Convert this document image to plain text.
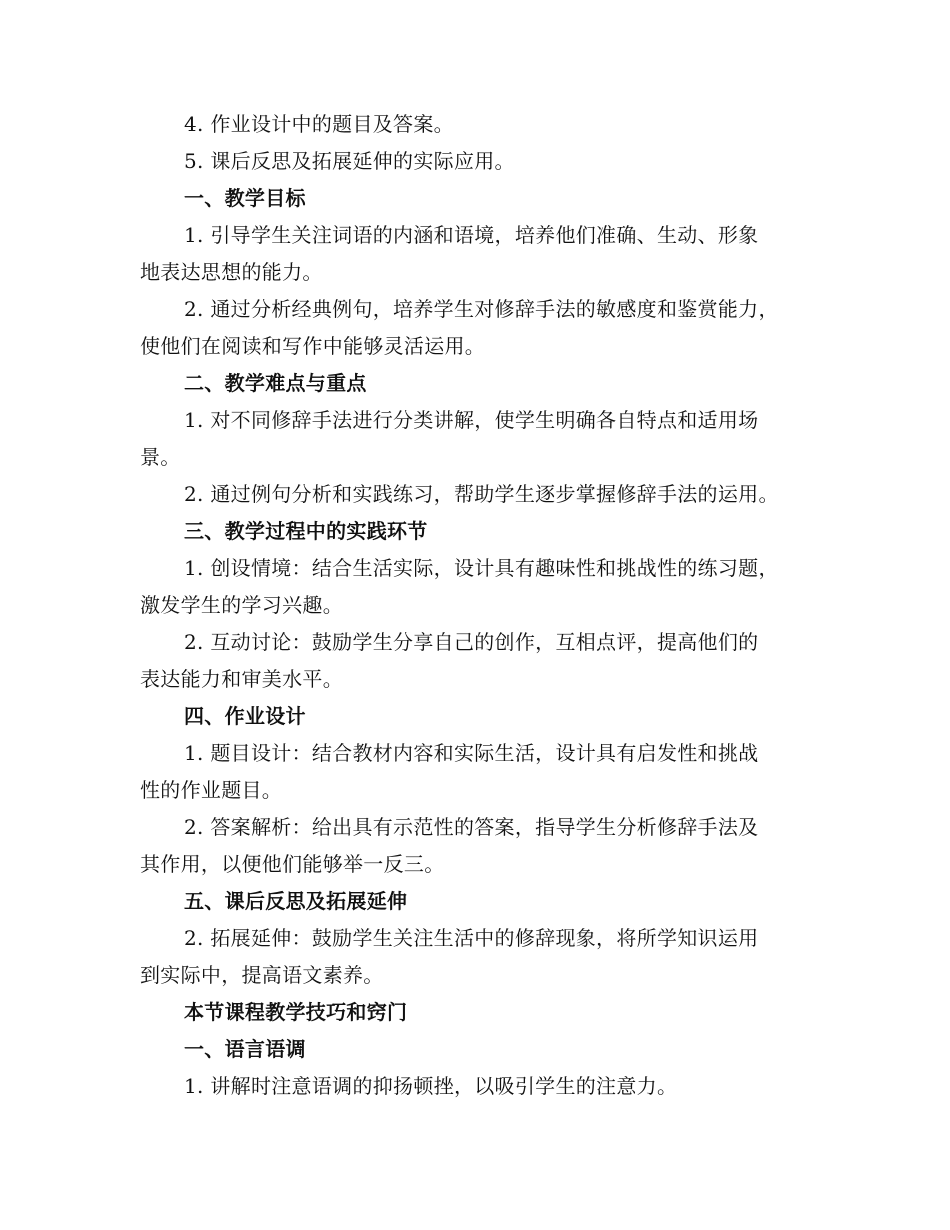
4. 作业设计中的题目及答案。
5. 课后反思及拓展延伸的实际应用。
一、教学目标
1. 引导学生关注词语的内涵和语境，培养他们准确、生动、形象
地表达思想的能力。
2. 通过分析经典例句，培养学生对修辞手法的敏感度和鉴赏能力，
使他们在阅读和写作中能够灵活运用。
二、教学难点与重点
1. 对不同修辞手法进行分类讲解，使学生明确各自特点和适用场
景。
2. 通过例句分析和实践练习，帮助学生逐步掌握修辞手法的运用。
三、教学过程中的实践环节
1. 创设情境：结合生活实际，设计具有趣味性和挑战性的练习题，
激发学生的学习兴趣。
2. 互动讨论：鼓励学生分享自己的创作，互相点评，提高他们的
表达能力和审美水平。
四、作业设计
1. 题目设计：结合教材内容和实际生活，设计具有启发性和挑战
性的作业题目。
2. 答案解析：给出具有示范性的答案，指导学生分析修辞手法及
其作用，以便他们能够举一反三。
五、课后反思及拓展延伸
2. 拓展延伸：鼓励学生关注生活中的修辞现象，将所学知识运用
到实际中，提高语文素养。
本节课程教学技巧和窍门
一、语言语调
1. 讲解时注意语调的抑扬顿挫，以吸引学生的注意力。
